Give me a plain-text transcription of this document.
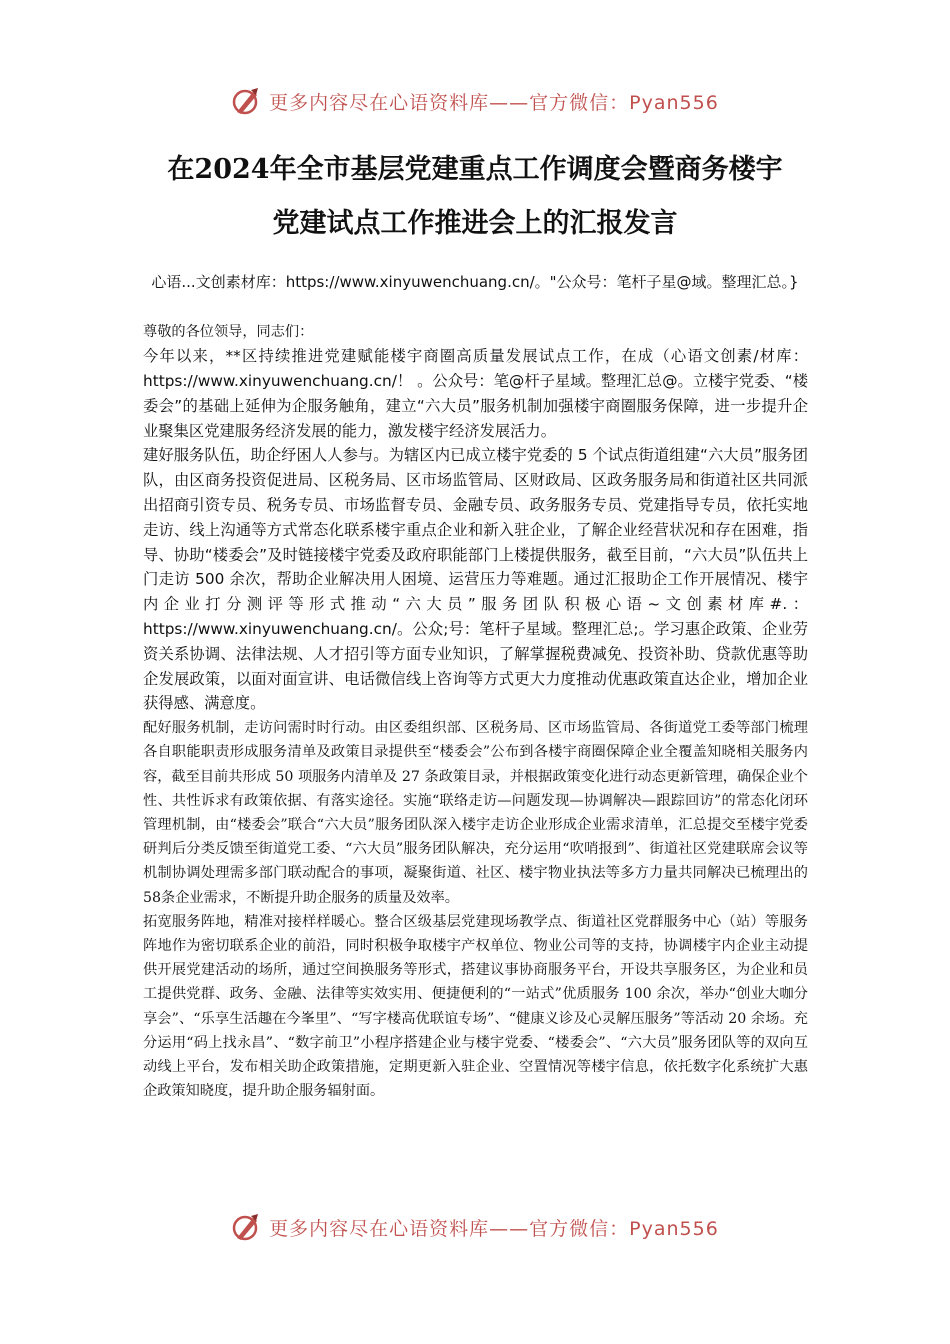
更多内容尽在心语资料库——官方微信：Pyan556
在2024年全市基层党建重点工作调度会暨商务楼宇
党建试点工作推进会上的汇报发言
心语...文创素材库：https://www.xinyuwenchuang.cn/。"公众号：笔杆子星@域。整理汇总。}

尊敬的各位领导，同志们：

今年以来，**区持续推进党建赋能楼宇商圈高质量发展试点工作，在成（心语文创素/材库：https://www.xinyuwenchuang.cn/！ 。公众号：笔@杆子星域。整理汇总@。立楼宇党委、“楼委会”的基础上延伸为企服务触角，建立“六大员”服务机制加强楼宇商圈服务保障，进一步提升企业聚集区党建服务经济发展的能力，激发楼宇经济发展活力。

建好服务队伍，助企纾困人人参与。为辖区内已成立楼宇党委的 5 个试点街道组建“六大员”服务团队，由区商务投资促进局、区税务局、区市场监管局、区财政局、区政务服务局和街道社区共同派出招商引资专员、税务专员、市场监督专员、金融专员、政务服务专员、党建指导专员，依托实地走访、线上沟通等方式常态化联系楼宇重点企业和新入驻企业，了解企业经营状况和存在困难，指导、协助“楼委会”及时链接楼宇党委及政府职能部门上楼提供服务，截至目前，“六大员”队伍共上门走访 500 余次，帮助企业解决用人困境、运营压力等难题。通过汇报助企工作开展情况、楼宇内企业打分测评等形式推动“六大员”服务团队积极心语~文创素材库#.：https://www.xinyuwenchuang.cn/。公众;号：笔杆子星域。整理汇总;。学习惠企政策、企业劳资关系协调、法律法规、人才招引等方面专业知识，了解掌握税费减免、投资补助、贷款优惠等助企发展政策，以面对面宣讲、电话微信线上咨询等方式更大力度推动优惠政策直达企业，增加企业获得感、满意度。

配好服务机制，走访问需时时行动。由区委组织部、区税务局、区市场监管局、各街道党工委等部门梳理各自职能职责形成服务清单及政策目录提供至“楼委会”公布到各楼宇商圈保障企业全覆盖知晓相关服务内容，截至目前共形成 50 项服务内清单及 27 条政策目录，并根据政策变化进行动态更新管理，确保企业个性、共性诉求有政策依据、有落实途径。实施“联络走访—问题发现—协调解决—跟踪回访”的常态化闭环管理机制，由“楼委会”联合“六大员”服务团队深入楼宇走访企业形成企业需求清单，汇总提交至楼宇党委研判后分类反馈至街道党工委、“六大员”服务团队解决，充分运用“吹哨报到”、街道社区党建联席会议等机制协调处理需多部门联动配合的事项，凝聚街道、社区、楼宇物业执法等多方力量共同解决已梳理出的58条企业需求，不断提升助企服务的质量及效率。

拓宽服务阵地，精准对接样样暖心。整合区级基层党建现场教学点、街道社区党群服务中心（站）等服务阵地作为密切联系企业的前沿，同时积极争取楼宇产权单位、物业公司等的支持，协调楼宇内企业主动提供开展党建活动的场所，通过空间换服务等形式，搭建议事协商服务平台，开设共享服务区，为企业和员工提供党群、政务、金融、法律等实效实用、便捷便利的“一站式”优质服务 100 余次，举办“创业大咖分享会”、“乐享生活趣在今峯里”、“写字楼高优联谊专场”、“健康义诊及心灵解压服务”等活动 20 余场。充分运用“码上找永昌”、“数字前卫”小程序搭建企业与楼宇党委、“楼委会”、“六大员”服务团队等的双向互动线上平台，发布相关助企政策措施，定期更新入驻企业、空置情况等楼宇信息，依托数字化系统扩大惠企政策知晓度，提升助企服务辐射面。

更多内容尽在心语资料库——官方微信：Pyan556
